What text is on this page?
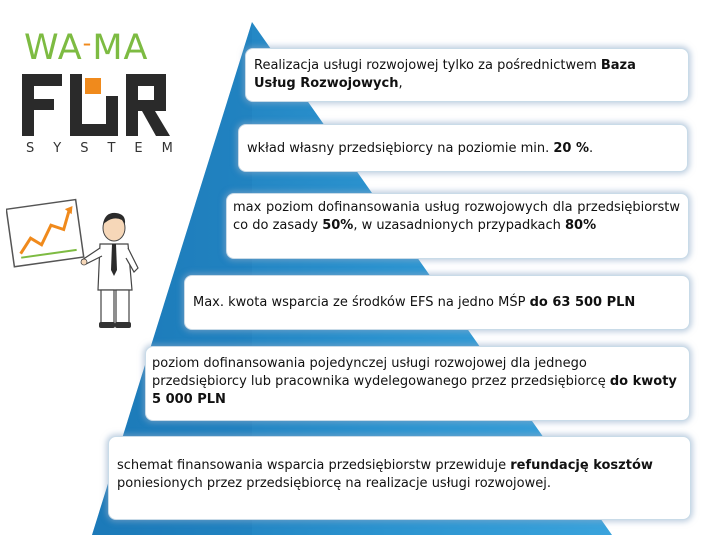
WA-MA
SYSTEM
Realizacja usługi rozwojowej tylko za pośrednictwem Baza Usług Rozwojowych,
wkład własny przedsiębiorcy na poziomie min. 20 %.
max poziom dofinansowania usług rozwojowych dla przedsiębiorstw co do zasady 50%, w uzasadnionych przypadkach 80%
Max. kwota wsparcia ze środków EFS na jedno MŚP do 63 500 PLN
poziom dofinansowania pojedynczej usługi rozwojowej dla jednego przedsiębiorcy lub pracownika wydelegowanego przez przedsiębiorcę do kwoty 5 000 PLN
schemat finansowania wsparcia przedsiębiorstw przewiduje refundację kosztów poniesionych przez przedsiębiorcę na realizacje usługi rozwojowej.
